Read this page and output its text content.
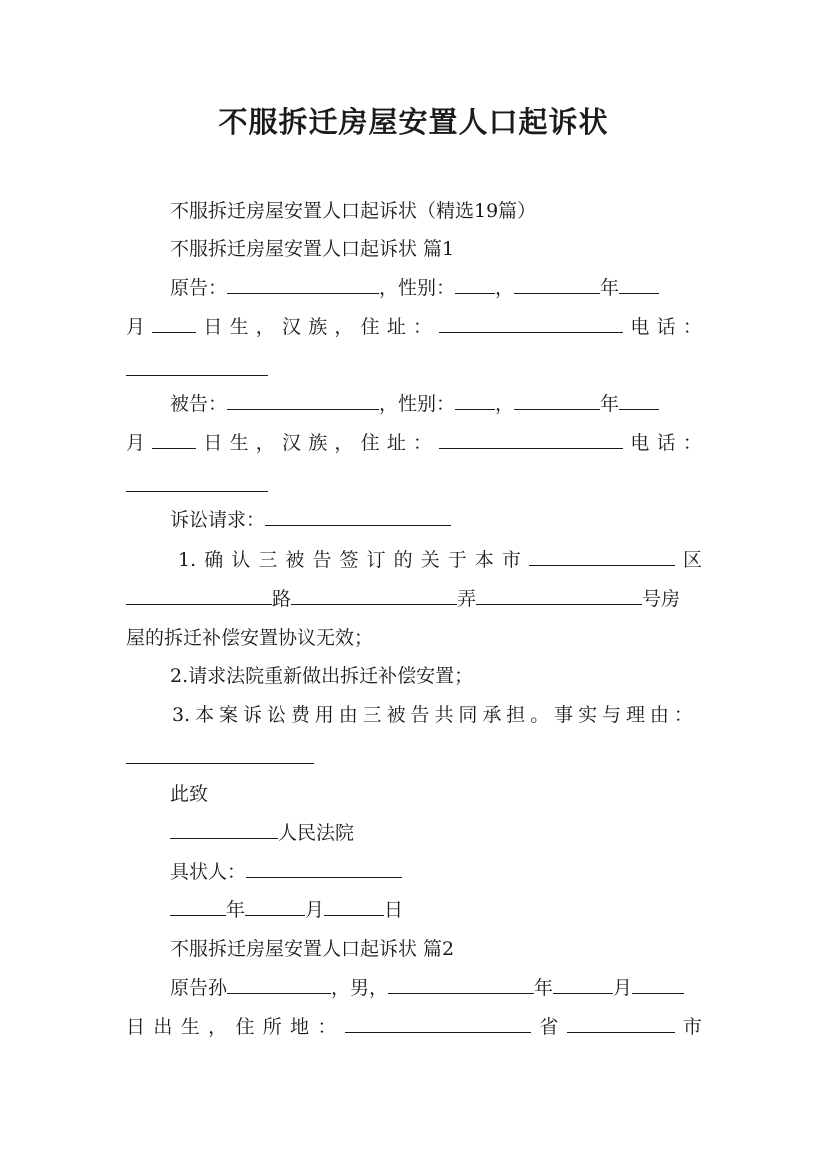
不服拆迁房屋安置人口起诉状
不服拆迁房屋安置人口起诉状（精选19篇）
不服拆迁房屋安置人口起诉状 篇1
原告：	，性别： ，	年
月	日 生 ， 汉 族 ， 住 址 ：	电 话 ：
被告：	，性别： ，	年
月	日 生 ， 汉 族 ， 住 址 ：	电 话 ：
诉讼请求：
1. 确 认 三 被 告 签 订 的 关 于 本 市	区
路	弄	号房
屋的拆迁补偿安置协议无效；
2.请求法院重新做出拆迁补偿安置；
3. 本 案 诉 讼 费 用 由 三 被 告 共 同 承 担 。 事 实 与 理 由 ：
此致
人民法院
具状人：
年	月	日
不服拆迁房屋安置人口起诉状 篇2
原告孙	，男，	年	月
日 出 生 ， 住 所 地 ：	省	市
